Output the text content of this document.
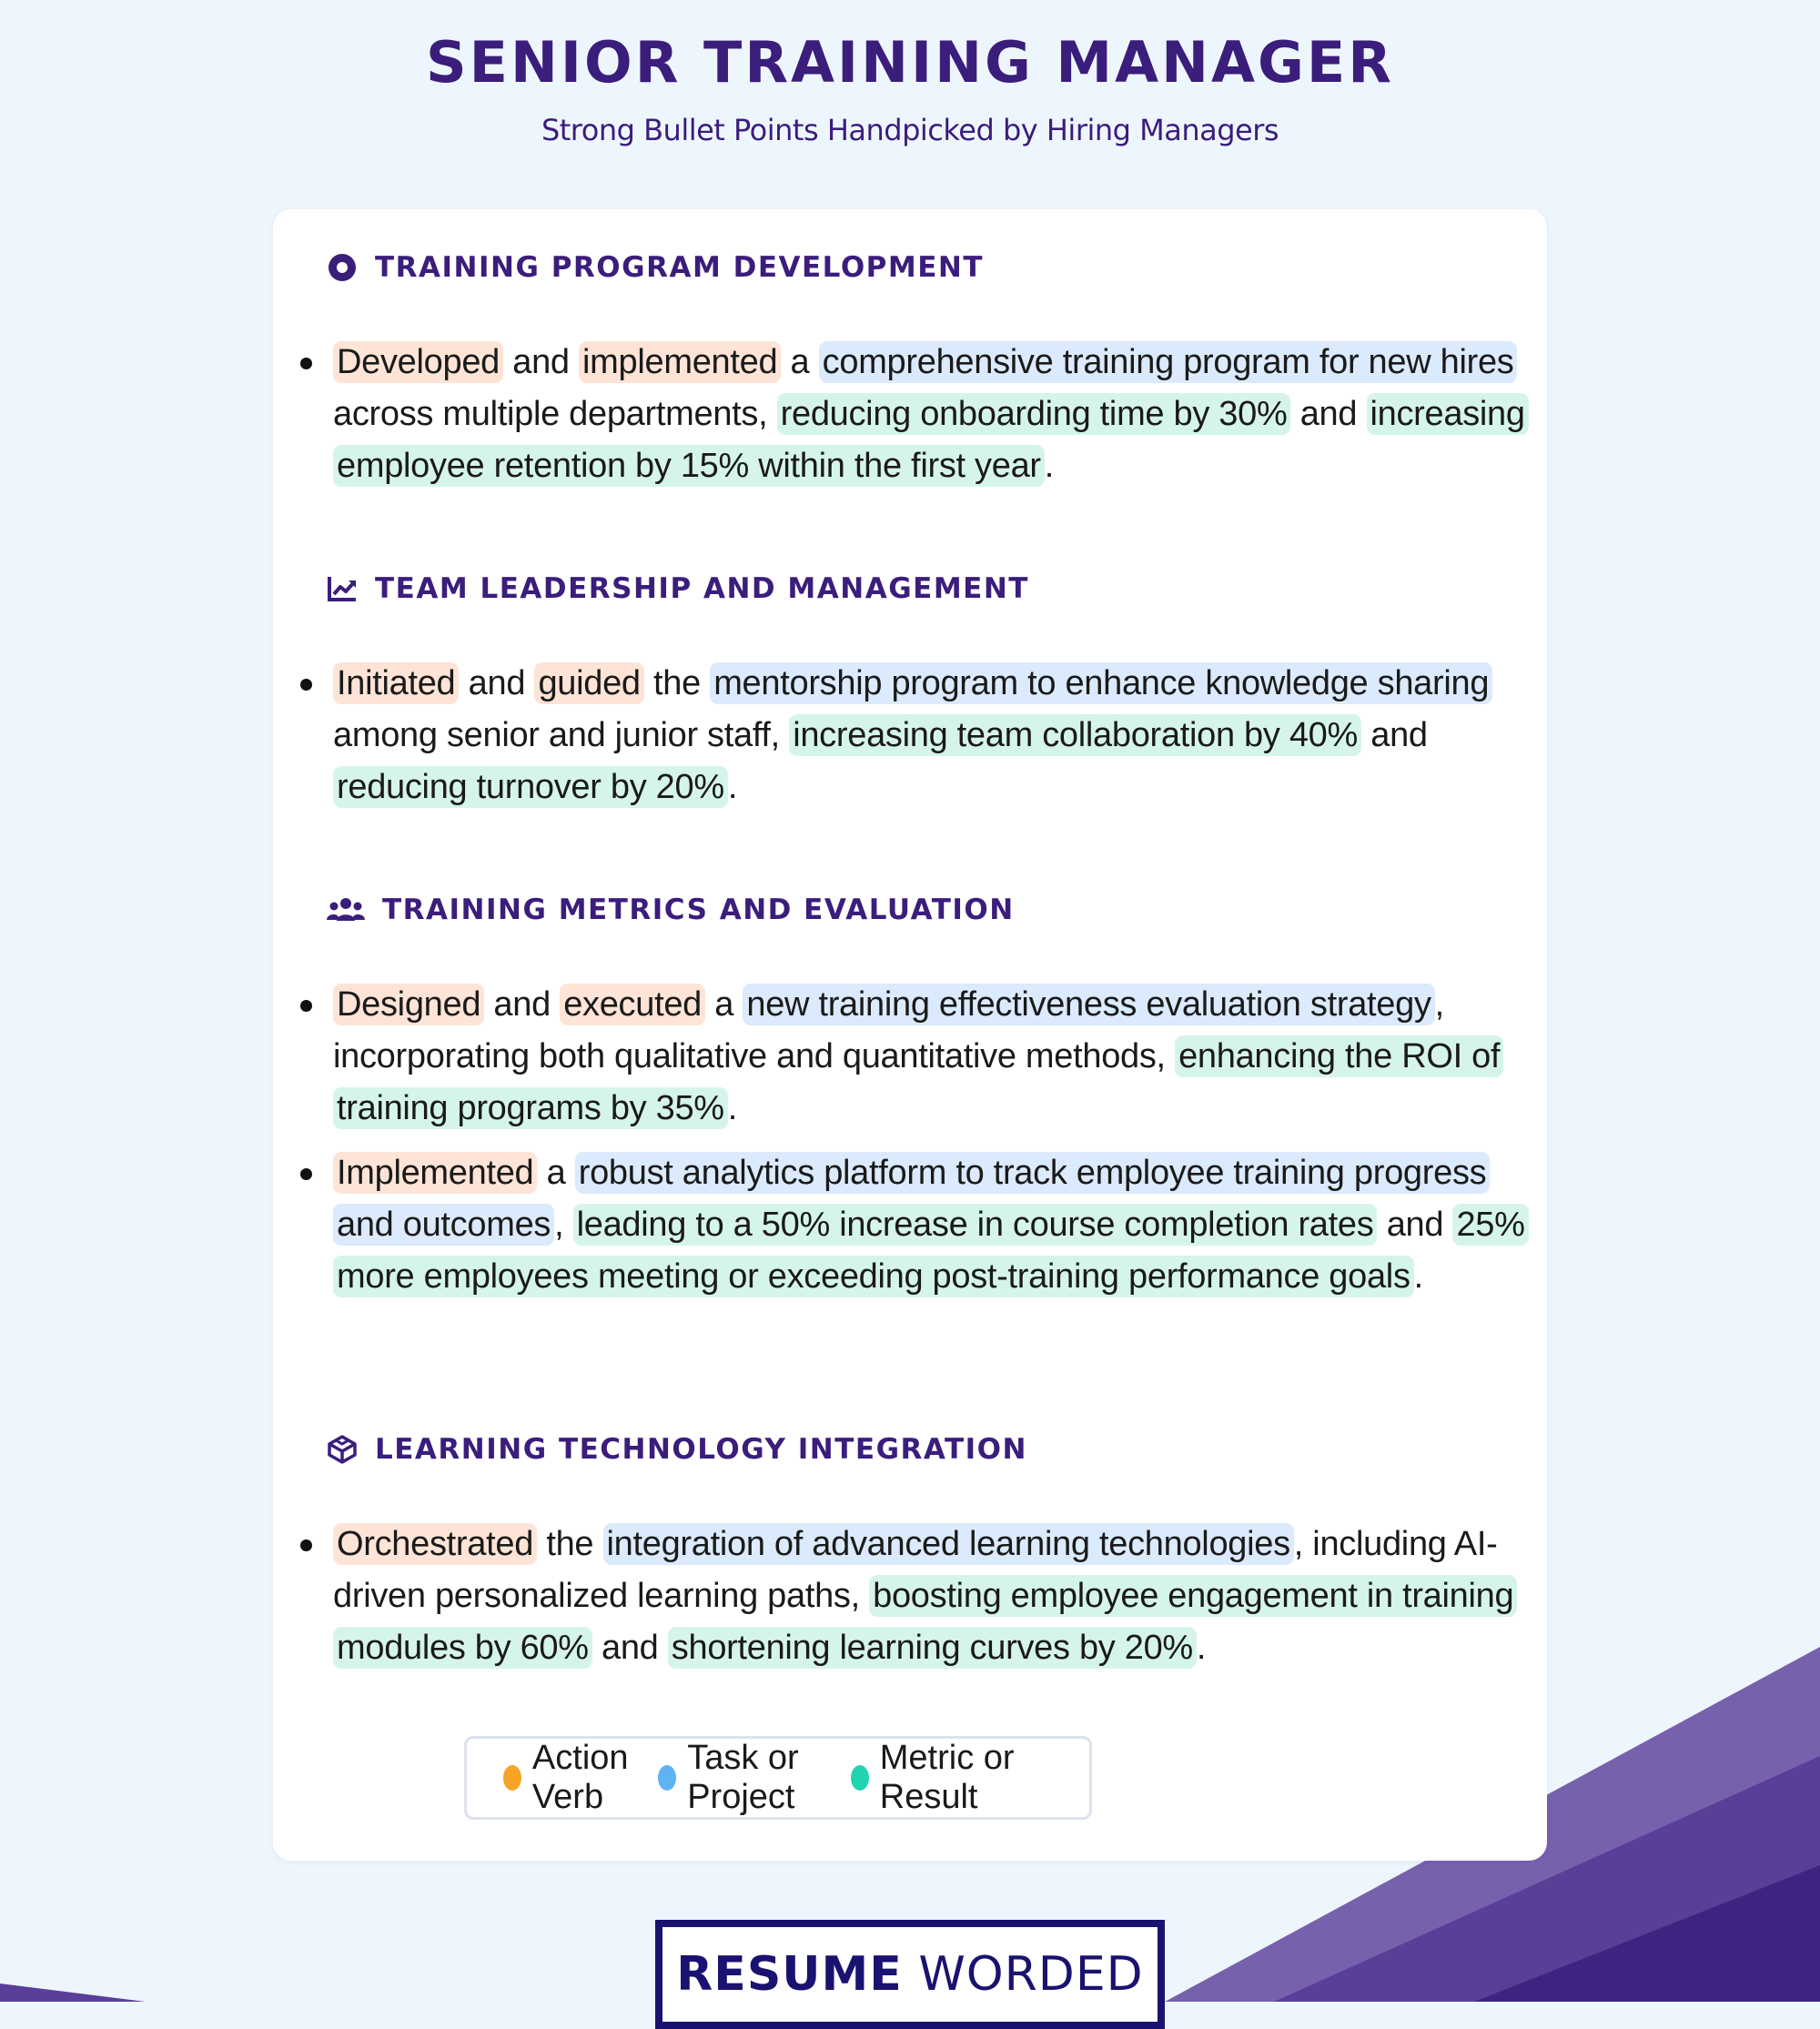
SENIOR TRAINING MANAGER
Strong Bullet Points Handpicked by Hiring Managers
TRAINING PROGRAM DEVELOPMENT
Developed and implemented a comprehensive training program for new hires across multiple departments, reducing onboarding time by 30% and increasing employee retention by 15% within the first year .
TEAM LEADERSHIP AND MANAGEMENT
Initiated and guided the mentorship program to enhance knowledge sharing among senior and junior staff, increasing team collaboration by 40% and reducing turnover by 20% .
TRAINING METRICS AND EVALUATION
Designed and executed a new training effectiveness evaluation strategy , incorporating both qualitative and quantitative methods, enhancing the ROI of training programs by 35% .
Implemented a robust analytics platform to track employee training progress and outcomes , leading to a 50% increase in course completion rates and 25% more employees meeting or exceeding post-training performance goals .
LEARNING TECHNOLOGY INTEGRATION
Orchestrated the integration of advanced learning technologies , including AI-driven personalized learning paths, boosting employee engagement in training modules by 60% and shortening learning curves by 20% .
Action Verb
Task or Project
Metric or Result
RESUME WORDED
